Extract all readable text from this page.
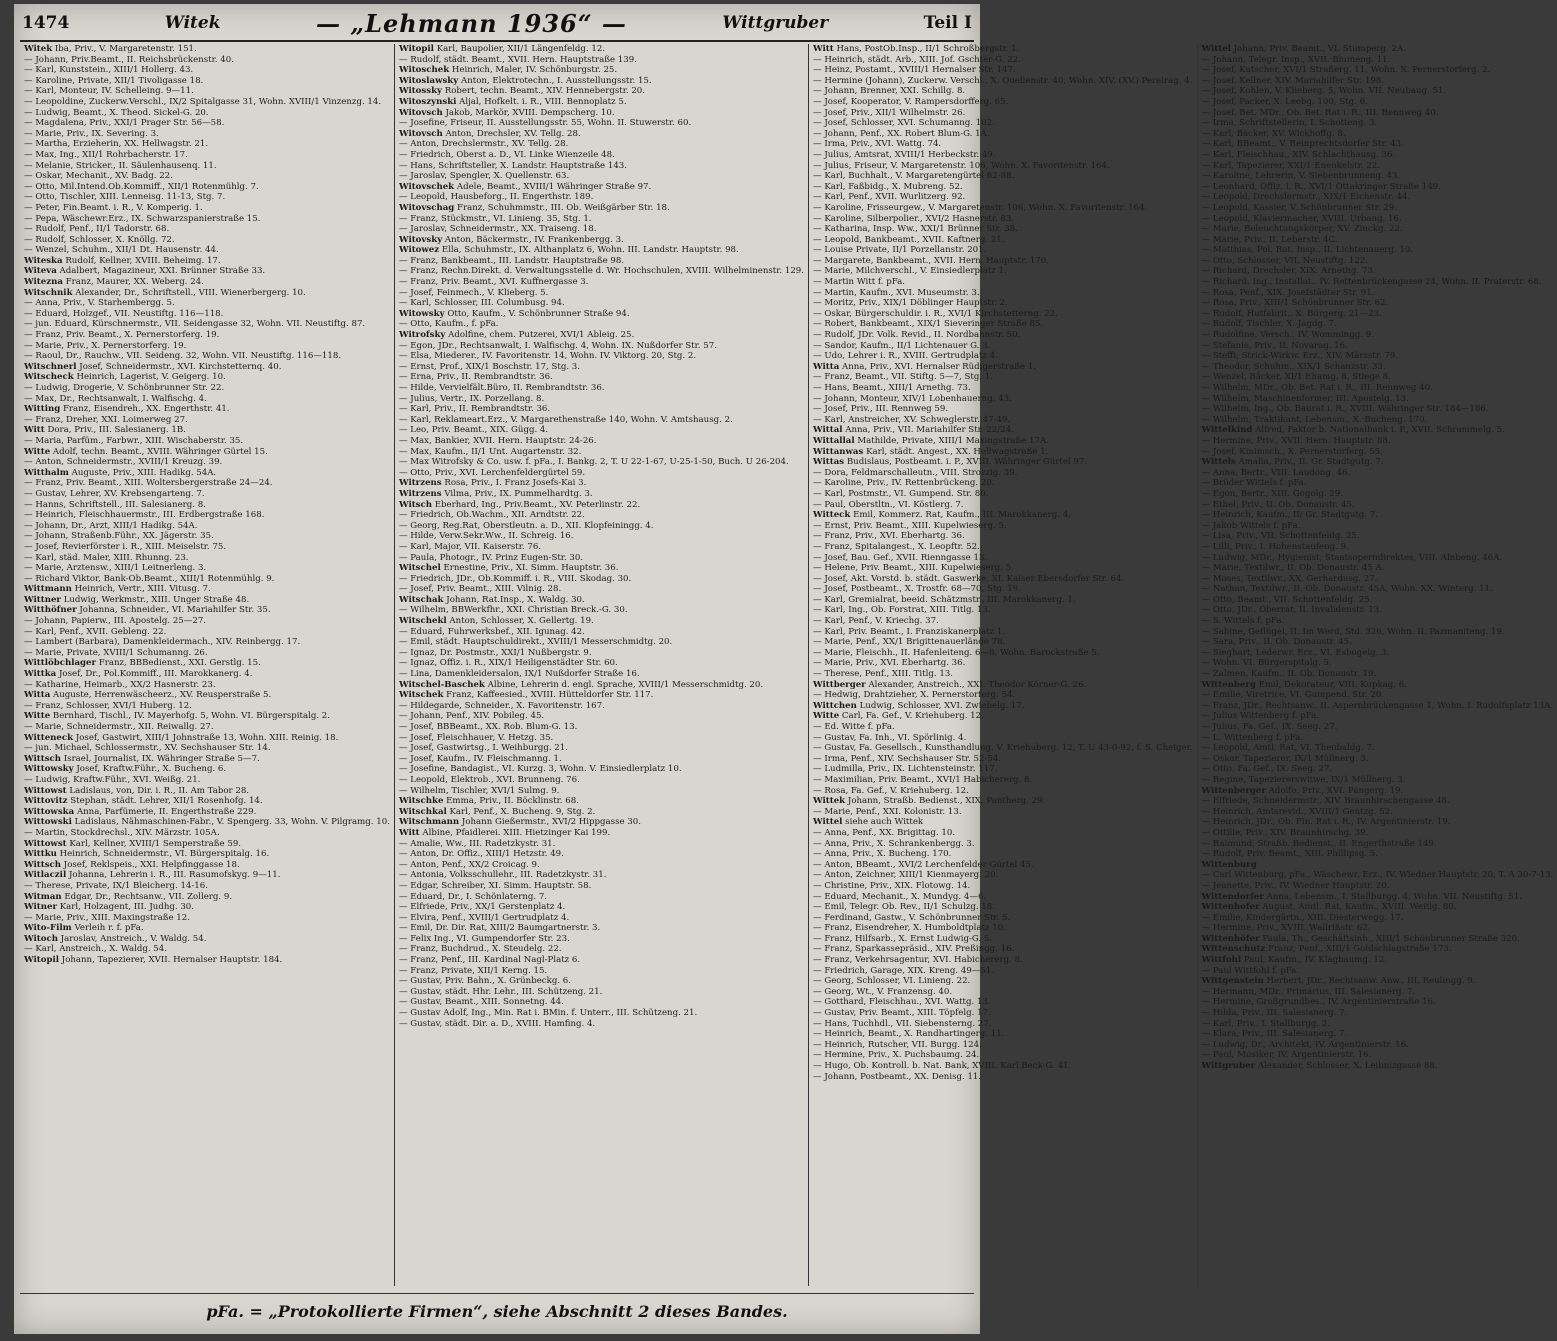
1474	Witek	— „Lehmann 1936“ —	Wittgruber	Teil I
Witek Iba, Priv., V. Margaretenstr. 151.
— Johann, Priv.Beamt., II. Reichsbrückenstr. 40.
— Karl, Kunststein., XIII/1 Hollerg. 43.
— Karoline, Private, XII/1 Tivoligasse 18.
— Karl, Monteur, IV. Schelleing. 9—11.
— Leopoldine, Zuckerw.Verschl., IX/2 Spitalgasse 31, Wohn. XVIII/1 Vinzenzg. 14.
— Ludwig, Beamt., X. Theod. Sickel-G. 20.
— Magdalena, Priv., XXI/1 Prager Str. 56—58.
— Marie, Priv., IX. Severing. 3.
— Martha, Erzieherin, XX. Hellwagstr. 21.
— Max, Ing., XII/1 Rohrbacherstr. 17.
— Melanie, Stricker., II. Säulenhausenq. 11.
— Oskar, Mechanit., XV. Badg. 22.
— Otto, Mil.Intend.Ob.Kommiff., XII/1 Rotenmühlg. 7.
— Otto, Tischler, XIII. Lenneisg. 11-13, Stg. 7.
— Peter, Fin.Beamt. i. R., V. Komperig. 1.
— Pepa, Wäschewr.Erz., IX. Schwarzspanierstraße 15.
— Rudolf, Penf., II/1 Tadorstr. 68.
— Rudolf, Schlosser, X. Knöllg. 72.
— Wenzel, Schuhm., XII/1 Dt. Hausenstr. 44.
Witeska Rudolf, Kellner, XVIII. Beheimg. 17.
Witeva Adalbert, Magazineur, XXI. Brünner Straße 33.
Witezna Franz, Maurer, XX. Weberg. 24.
Witschnik Alexander, Dr., Schriftstell., VIII. Wienerbergerg. 10.
— Anna, Priv., V. Starhembergg. 5.
— Eduard, Holzgef., VII. Neustiftg. 116—118.
— jun. Eduard, Kürschnermstr., VII. Seidengasse 32, Wohn. VII. Neustiftg. 87.
— Franz, Priv. Beamt., X. Pernerstorferg. 19.
— Marie, Priv., X. Pernerstorferg. 19.
— Raoul, Dr., Rauchw., VII. Seideng. 32, Wohn. VII. Neustiftg. 116—118.
Witschnerl Josef, Schneidermstr., XVI. Kirchstetternq. 40.
Witscheck Heinrich, Lagerist, V. Geigerg. 10.
— Ludwig, Drogerie, V. Schönbrunner Str. 22.
— Max, Dr., Rechtsanwalt, I. Walfischg. 4.
Witting Franz, Eisendreh., XX. Engerthstr. 41.
— Franz, Dreher, XXI. Loimerweg 27.
Witt Dora, Priv., III. Salesianerg. 1B.
— Maria, Parfüm., Farbwr., XIII. Wischaberstr. 35.
Witte Adolf, techn. Beamt., XVIII. Währinger Gürtel 15.
— Anton, Schneidermstr., XVIII/1 Kreuzg. 39.
Witthalm Auguste, Priv., XIII. Hadikg. 54A.
— Franz, Priv. Beamt., XIII. Woltersbergerstraße 24—24.
— Gustav, Lehrer, XV. Krebsengarteng. 7.
— Hanns, Schriftstell., III. Salesianerg. 8.
— Heinrich, Fleischhauermstr., III. Erdbergstraße 168.
— Johann, Dr., Arzt, XIII/1 Hadikg. 54A.
— Johann, Straßenb.Führ., XX. Jägerstr. 35.
— Josef, Revierförster i. R., XIII. Meiselstr. 75.
— Karl, städ. Maler, XIII. Rhunng. 23.
— Marie, Arztensw., XIII/1 Leitnerleng. 3.
— Richard Viktor, Bank-Ob.Beamt., XIII/1 Rotenmühlg. 9.
Wittmann Heinrich, Vertr., XIII. Vitusg. 7.
Wittner Ludwig, Werkmstr., XIII. Unger Straße 48.
Witthöfner Johanna, Schneider., VI. Mariahilfer Str. 35.
— Johann, Papierw., III. Apostelg. 25—27.
— Karl, Penf., XVII. Gebleng. 22.
— Lambert (Barbara), Damenkleidermach., XIV. Reinbergg. 17.
— Marie, Private, XVIII/1 Schumanng. 26.
Wittlöbchlager Franz, BBBedienst., XXI. Gerstlg. 15.
Wittka Josef, Dr., Pol.Kommiff., III. Marokkanerg. 4.
— Katharine, Heimarb., XX/2 Hasnerstr. 23.
Witta Auguste, Herrenwäscheerz., XV. Reusperstraße 5.
— Franz, Schlosser, XVI/1 Huberg. 12.
Witte Bernhard, Tischl., IV. Mayerhofg. 5, Wohn. VI. Bürgerspitalg. 2.
— Marie, Schneidermstr., XII. Reiwallg. 27.
Witteneck Josef, Gastwirt, XIII/1 Johnstraße 13, Wohn. XIII. Reinig. 18.
— jun. Michael, Schlossermstr., XV. Sechshauser Str. 14.
Wittsch Israel, Journalist, IX. Währinger Straße 5—7.
Wittowsky Josef, Kraftw.Führ., X. Bucheng. 6.
— Ludwig, Kraftw.Führ., XVI. Weißg. 21.
Wittowst Ladislaus, von, Dir. i. R., II. Am Tabor 28.
Wittovitz Stephan, städt. Lehrer, XII/1 Rosenhofg. 14.
Wittowska Anna, Parfümerie, II. Engerthstraße 229.
Wittowski Ladislaus, Nähmaschinen-Fabr., V. Spengerg. 33, Wohn. V. Pilgramg. 10.
— Martin, Stockdrechsl., XIV. Märzstr. 105A.
Wittowst Karl, Kellner, XVIII/1 Semperstraße 59.
Wittku Heinrich, Schneidermstr., VI. Bürgerspitalg. 16.
Wittsch Josef, Reklspeis., XXI. Helpfinggasse 18.
Witlaczil Johanna, Lehrerin i. R., III. Rasumofskyg. 9—11.
— Therese, Private, IX/1 Bleicherg. 14-16.
Witman Edgar, Dr., Rechtsanw., VII. Zollerg. 9.
Witner Karl, Holzagent, III. Judhg. 30.
— Marie, Priv., XIII. Maxingstraße 12.
Wito-Film Verleih r. f. pFa.
Witoch Jaroslav, Anstreich., V. Waldg. 54.
— Karl, Anstreich., X. Waldg. 54.
Witopil Johann, Tapezierer, XVII. Hernalser Hauptstr. 184.
Witopil Karl, Baupolier, XII/1 Längenfeldg. 12.
— Rudolf, städt. Beamt., XVII. Hern. Hauptstraße 139.
Witoschek Heinrich, Maler, IV. Schönburgstr. 25.
Witoslawsky Anton, Elektrotechn., I. Ausstellungsstr. 15.
Witossky Robert, techn. Beamt., XIV. Hennebergstr. 20.
Witoszynski Aljal, Hofkelt. i. R., VIII. Bennoplatz 5.
Witovsch Jakob, Markör, XVIII. Dempscherg. 10.
— Josefine, Friseur, II. Ausstellungsstr. 55, Wohn. II. Stuwerstr. 60.
Witovsch Anton, Drechsler, XV. Tellg. 28.
— Anton, Drechslermstr., XV. Tellg. 28.
— Friedrich, Oberst a. D., VI. Linke Wienzeile 48.
— Hans, Schriftsteller, X. Landstr. Hauptstraße 143.
— Jaroslav, Spengler, X. Quellenstr. 63.
Witovschek Adele, Beamt., XVIII/1 Währinger Straße 97.
— Leopold, Hausbeforg., II. Engerthstr. 189.
Witovschag Franz, Schuhmmstr., III. Ob. Weißgärber Str. 18.
— Franz, Stückmstr., VI. Linieng. 35, Stg. 1.
— Jaroslav, Schneidermstr., XX. Traiseng. 18.
Witovsky Anton, Bäckermstr., IV. Frankenbergg. 3.
Witowez Ella, Schuhmstr., IX. Althanplatz 6, Wohn. III. Landstr. Hauptstr. 98.
— Franz, Bankbeamt., III. Landstr. Hauptstraße 98.
— Franz, Rechn.Direkt. d. Verwaltungsstelle d. Wr. Hochschulen, XVIII. Wilhelminenstr. 129.
— Franz, Priv. Beamt., XVI. Kuffnergasse 3.
— Josef, Feinmech., V. Klieberg. 5.
— Karl, Schlosser, III. Columbusg. 94.
Witowsky Otto, Kaufm., V. Schönbrunner Straße 94.
— Otto, Kaufm., f. pFa.
Witrofsky Adolfine, chem. Putzerei, XVI/1 Ableig. 25.
— Egon, JDr., Rechtsanwalt, I. Walfischg. 4, Wohn. IX. Nußdorfer Str. 57.
— Elsa, Miederer., IV. Favoritenstr. 14, Wohn. IV. Viktorg. 20, Stg. 2.
— Ernst, Prof., XIX/1 Boschstr. 17, Stg. 3.
— Erna, Priv., II. Rembrandtstr. 36.
— Hilde, Vervielfält.Büro, II. Rembrandtstr. 36.
— Julius, Vertr., IX. Porzellang. 8.
— Karl, Priv., II. Rembrandtstr. 36.
— Karl, Reklameart.Erz., V. Margarethenstraße 140, Wohn. V. Amtshausg. 2.
— Leo, Priv. Beamt., XIX. Gügg. 4.
— Max, Bankier, XVII. Hern. Hauptstr. 24-26.
— Max, Kaufm., II/1 Unt. Augartenstr. 32.
— Max Witrofsky & Co. usw. f. pFa., I. Bankg. 2, T. U 22-1-67, U-25-1-50, Buch. U 26-204.
— Otto, Priv., XVI. Lerchenfeldergürtel 59.
Witrzens Rosa, Priv., I. Franz Josefs-Kai 3.
Witrzens Vilma, Priv., IX. Pummelhardtg. 3.
Witsch Eberhard, Ing., Priv.Beamt., XV. Peterlinstr. 22.
— Friedrich, Ob.Wachm., XII. Arndtstr. 22.
— Georg, Reg.Rat, Oberstleutn. a. D., XII. Klopfeiningg. 4.
— Hilde, Verw.Sekr.Ww., II. Schreig. 16.
— Karl, Major, VII. Kaiserstr. 76.
— Paula, Photogr., IV. Prinz Eugen-Str. 30.
Witschel Ernestine, Priv., XI. Simm. Hauptstr. 36.
— Friedrich, JDr., Ob.Kommiff. i. R., VIII. Skodag. 30.
— Josef, Priv. Beamt., XIII. Vilnig. 28.
Witschak Johann, Rat.Insp., X. Waldg. 30.
— Wilhelm, BBWerkfhr., XXI. Christian Breck.-G. 30.
Witschekl Anton, Schlosser, X. Gellertg. 19.
— Eduard, Fuhrwerksbef., XII. Igunag. 42.
— Emil, städt. Hauptschuldirekt., XVIII/1 Messerschmidtg. 20.
— Ignaz, Dr. Postmstr., XXI/1 Nußbergstr. 9.
— Ignaz, Offiz. i. R., XIX/1 Heiligenstädter Str. 60.
— Lina, Damenkleidersalon, IX/1 Nußdorfer Straße 16.
Witschel-Baschek Albine, Lehrerin d. engl. Sprache, XVIII/1 Messerschmidtg. 20.
Witschek Franz, Kaffeesied., XVIII. Hütteldorfer Str. 117.
— Hildegarde, Schneider., X. Favoritenstr. 167.
— Johann, Penf., XIV. Pobileg. 45.
— Josef, BBBeamt., XX. Rob. Blum-G. 13.
— Josef, Fleischhauer, V. Hetzg. 35.
— Josef, Gastwirtsg., I. Weihburgg. 21.
— Josef, Kaufm., IV. Fleischmanng. 1.
— Josefine, Bandagist., VI. Kurzg. 3, Wohn. V. Einsiedlerplatz 10.
— Leopold, Elektrob., XVI. Brunneng. 76.
— Wilhelm, Tischler, XVI/1 Sulmg. 9.
Witschke Emma, Priv., II. Böcklinstr. 68.
Witschkal Karl, Penf., X. Bucheng. 9, Stg. 2.
Witschmann Johann Gießermstr., XVI/2 Hippgasse 30.
Witt Albine, Pfaidlerei. XIII. Hietzinger Kai 199.
— Amalie, Ww., III. Radetzkystr. 31.
— Anton, Dr. Offiz., XIII/1 Hetzstr. 49.
— Anton, Penf., XX/2 Croicag. 9.
— Antonia, Volksschullehr., III. Radetzkystr. 31.
— Edgar, Schreiber, XI. Simm. Hauptstr. 58.
— Eduard, Dr., I. Schönlaterng. 7.
— Elfriede, Priv., XX/1 Gerstenplatz 4.
— Elvira, Penf., XVIII/1 Gertrudplatz 4.
— Emil, Dr. Dir. Rat, XIII/2 Baumgartnerstr. 3.
— Felix Ing., VI. Gumpendorfer Str. 23.
— Franz, Buchdrud., X. Steudelg. 22.
— Franz, Penf., III. Kardinal Nagl-Platz 6.
— Franz, Private, XII/1 Kerng. 15.
— Gustav, Priv. Bahn., X. Grünbeckg. 6.
— Gustav, städt. Hhr. Lehr., III. Schützeng. 21.
— Gustav, Beamt., XIII. Sonnetng. 44.
— Gustav Adolf, Ing., Min. Rat i. BMin. f. Unterr., III. Schützeng. 21.
— Gustav, städt. Dir. a. D., XVIII. Hamfing. 4.
Witt Hans, PostOb.Insp., II/1 Schroßbergstr. 1.
— Heinrich, städt. Arb., XIII. Jof. Gschter-G. 22.
— Heinz, Postamt., XVIII/1 Hernalser Str. 147.
— Hermine (Johann), Zuckerw. Verschl., X. Quellenstr. 40, Wohn. XIV. (XV.) Pereirag. 4.
— Johann, Brenner, XXI. Schillg. 8.
— Josef, Kooperator, V. Rampersdorfferg. 65.
— Josef, Priv., XII/1 Wilhelmstr. 26.
— Josef, Schlosser, XVI. Schumanng. 102.
— Johann, Penf., XX. Robert Blum-G. 1A.
— Irma, Priv., XVI. Wattg. 74.
— Julius, Amtsrat, XVIII/1 Herbeckstr. 49.
— Julius, Friseur, V. Margaretenstr. 106, Wohn. X. Favoritenstr. 164.
— Karl, Buchhalt., V. Margaretengürtel 82-88.
— Karl, Faßbidg., X. Mubreng. 52.
— Karl, Penf., XVII. Wurlitzerg. 92.
— Karoline, Frisseurgew., V. Margaretenstr. 106, Wohn. X. Favoritenstr. 164.
— Karoline, Silberpolier., XVI/2 Hasnerstr. 83.
— Katharina, Insp. Ww., XXI/1 Brünner Str. 38.
— Leopold, Bankbeamt., XVII. Kaftnerg. 21.
— Louise Private, II/1 Porzellanstr. 201.
— Margarete, Bankbeamt., XVII. Hern. Hauptstr. 170.
— Marie, Milchverschl., V. Einsiedlerplatz 1.
— Martin Witt f. pFa.
— Martin, Kaufm., XVI. Museumstr. 3.
— Moritz, Priv., XIX/1 Döblinger Hauptstr. 2.
— Oskar, Bürgerschuldir. i. R., XVI/1 Kirchstetterng. 22.
— Robert, Bankbeamt., XIX/1 Sieveringer Straße 85.
— Rudolf, JDr. Volk. Revid., II. Nordbahnstr. 50.
— Sandor, Kaufm., II/1 Lichtenauer G. 3.
— Udo, Lehrer i. R., XVIII. Gertrudplatz 4.
Witta Anna, Priv., XVI. Hernalser Rüdigerstraße 1.
— Franz, Beamt., VII. Stiftg. 5—7, Stg. 1.
— Hans, Beamt., XIII/1 Arnethg. 73.
— Johann, Monteur, XIV/1 Lobenhauerng. 43.
— Josef, Priv., III. Rennweg 59.
— Karl, Anstreicher, XV. Schweglerstr. 47-49.
Wittal Anna, Priv., VII. Mariahilfer Str. 22/24.
Wittallal Mathilde, Private, XIII/1 Maxingstraße 17A.
Wittanwas Karl, städt. Angest., XX. Hellwagstraße 1.
Wittas Budislaus, Postbeamt. i. P., XVIII. Währinger Gürtel 97.
— Dora, Feldmarschalleutn., VIII. Strozzig. 39.
— Karoline, Priv., IV. Rettenbrückeng. 20.
— Karl, Postmstr., VI. Gumpend. Str. 80.
— Paul, Oberstltn., VI. Köstlerg. 7.
Witteck Emil, Kommerz. Rat, Kaufm., III. Marokkanerg. 4.
— Ernst, Priv. Beamt., XIII. Kupelwieserg. 5.
— Franz, Priv., XVI. Eberhartg. 36.
— Franz, Spitalangest., X. Leopftr. 52.
— Josef, Bau. Gef., XVII. Rienngasse 13.
— Helene, Priv. Beamt., XIII. Kupelwieserg. 5.
— Josef, Akt. Vorstd. b. städt. Gaswerke, XI. Kaiser Ebersdorfer Str. 64.
— Josef, Postbeamt., X. Trostfr. 68—70, Stg. 19.
— Karl, Gremialrat, beeid. Schätzmstr., III. Marokkanerg. 1.
— Karl, Ing., Ob. Forstrat, XIII. Titlg. 13.
— Karl, Penf., V. Kriechg. 37.
— Karl, Priv. Beamt., I. Franziskanerplatz 1.
— Marie, Penf., XX/1 Brigittenauerlände 78.
— Marie, Fleischh., II. Hafenleiteng. 6—8, Wohn. Barockstraße 5.
— Marie, Priv., XVI. Eberhartg. 36.
— Therese, Penf., XIII. Titlg. 13.
Wittberger Alexander, Anstreich., XXI. Theodor Körner-G. 26.
— Hedwig, Drahtzieher, X. Pernerstorferg. 54.
Wittchen Ludwig, Schlosser, XVI. Zwiebelg. 17.
Witte Carl, Fa. Gef., V. Kriehuberg. 12.
— Ed. Witte f. pFa.
— Gustav, Fa. Inh., VI. Spörlinig. 4.
— Gustav, Fa. Gesellsch., Kunsthandlung, V. Kriehuberg. 12, T. U 43-0-92, f. S. Cheiger.
— Irma, Penf., XIV. Sechshauser Str. 52-54.
— Ludmilla, Priv., IX. Lichtensteinstr. 117.
— Maximilian, Priv. Beamt., XVI/1 Habichererg. 8.
— Rosa, Fa. Gef., V. Kriehuberg. 12.
Wittek Johann, Straßb. Bedienst., XIX. Pantherg. 29.
— Marie, Penf., XXI. Kolonistr. 13.
Wittel siehe auch Wittek
— Anna, Penf., XX. Brigittag. 10.
— Anna, Priv., X. Schrankenbergg. 3.
— Anna, Priv., X. Bucheng. 170.
— Anton, BBeamt., XVI/2 Lerchenfelder Gürtel 45.
— Anton, Zeichner, XIII/1 Kienmayerg. 20.
— Christine, Priv., XIX. Flotowg. 14.
— Eduard, Mechanit., X. Mundyg. 4—6.
— Emil, Telegr. Ob. Rev., II/1 Schulzg. 18.
— Ferdinand, Gastw., V. Schönbrunner Str. 5.
— Franz, Eisendreher, X. Humboldtplatz 10.
— Franz, Hilfsarb., X. Ernst Ludwig-G. 5.
— Franz, Sparkassepräsid., XIV. Preßingg. 16.
— Franz, Verkehrsagentur, XVI. Habichererg. 8.
— Friedrich, Garage, XIX. Kreng. 49—51.
— Georg, Schlosser, VI. Linieng. 22.
— Georg, Wt., V. Franzensg. 40.
— Gotthard, Fleischhau., XVI. Wattg. 13.
— Gustav, Priv. Beamt., XIII. Töpfelg. 17.
— Hans, Tuchhdl., VII. Siebensterng. 27.
— Heinrich, Beamt., X. Randhartingerg. 11.
— Heinrich, Rutscher, VII. Burgg. 124.
— Hermine, Priv., X. Puchsbaumg. 24.
— Hugo, Ob. Kontroll. b. Nat. Bank, XVIII. Karl Beck-G. 41.
— Johann, Postbeamt., XX. Denisg. 11.
Wittel Johann, Priv. Beamt., VI. Stumperg. 2A.
— Johann, Telegr. Insp., XVII. Blumeng. 11.
— Josef, Kutscher, XVI/1 Straßerg. 11, Wohn. X. Pernerstorferg. 2.
— Josef, Kellner, XIV. Mariahilfer Str. 198.
— Josef, Kohlen, V. Klieberg. 5, Wohn. VII. Neubaug. 51.
— Josef, Packer, X. Leebg. 100, Stg. 6.
— Josef, Bet. MDr., Ob. Bet. Rat i. R., III. Rennweg 40.
— Irma, Schriftstellerin, I. Schotteng. 3.
— Karl, Bäcker, XV. Wickhoffg. 8.
— Karl, BBeamt., V. Reinprechtsdorfer Str. 43.
— Karl, Fleischhau., XIV. Schlachthausg. 36.
— Karl, Tapezierer, XXI/1 Enenkelstr. 22.
— Karoline, Lehrerin, V. Siebenbrunneng. 43.
— Leonhard, Offiz. i. R., XVI/1 Ottakringer Straße 149.
— Leopold, Drechslermstr., XIX/1 Eichenstr. 44.
— Leopold, Kassier, V. Schönbrunner Str. 29.
— Leopold, Klaviermacher, XVIII. Urbang. 16.
— Marie, Beleuchtungskörper, XV. Zinckg. 22.
— Marie, Priv., II. Leberstr. 4C.
— Matthias, Pol. Rat. Insp., II. Lichtenauerg. 10.
— Otto, Schlosser, VII. Neustiftg. 122.
— Richard, Drechsler, XIX. Arnethg. 73.
— Richard, Ing., Installat., IV. Rettenbrückengasse 24, Wohn. II. Praterstr. 68.
— Rosa, Penf., XIX. Josefstädter Str. 91.
— Rosa, Priv., XIII/1 Schönbrunner Str. 62.
— Rudolf, Hutfabrit., X. Bürgerg. 21—23.
— Rudolf, Tischler, X. Jagdg. 7.
— Rudolfine, Versch., IV. Wommingg. 9.
— Stefanie, Priv., II. Novarag. 16.
— Steffi, Strick-Wirkw. Erz., XIV. Märzstr. 79.
— Theodor, Schuhm., XIX/1 Schanzstr. 33.
— Wenzel, Bäcker, XI/1 Ehamg. 8, Stiege 8.
— Wilhelm, MDr., Ob. Bet. Rat i. R., III. Rennweg 40.
— Wilhelm, Maschinenformer, III. Apostelg. 13.
— Wilhelm, Ing., Ob. Baurat i. R., XVIII. Währinger Str. 184—186.
— Wilhelm, Traktikant, Lebensm., X. Bucheng. 170.
Wittelkind Alfred, Faktor b. Nationalbank i. P., XVII. Schrammelg. 5.
— Hermine, Priv., XVII. Hern. Hauptstr. 88.
— Josef, Kinimsch., X. Pernerstorferg. 55.
Wittels Amalia, Priv., II. Gr. Stadtgutg. 7.
— Anna, Bertr., VIII. Laudong. 46.
— Brüder Wittels f. pFa.
— Egon, Bertr., XIII. Gogolg. 29.
— Ethel, Priv., II. Ob. Donaustr. 45.
— Heinrich, Kaufm., II/ Gr. Stadtgutg. 7.
— Jakob Wittels f. pFa.
— Lisa, Priv., VII. Schottenfeldg. 25.
— Lilli, Priv., I. Hohenstaufeng. 9.
— Ludwig, MDr., Hygienist, Staatsoperndirektes, VIII. Alnbeng. 46A.
— Marie, Textilwr., II. Ob. Donaustr. 45 A.
— Moses, Textilwr., XX. Gerhardusg. 27.
— Nathan, Textilwr., II. Ob. Donaustr. 45A, Wohn. XX. Winterg. 11.
— Otto, Beamt., VII. Schottenfeldg. 25.
— Otto, JDr., Oberrat, II. Invalidenstr. 13.
— S. Wittels f. pFa.
— Sabine, Geflügel, II. Im Werd, Std. 326, Wohn. II. Pazmaniteng. 19.
— Sara, Priv., II. Ob. Donaustr. 45.
— Sieghart, Lederwr. Erz., VI. Esbogelg. 3.
— Wohn. VI. Bürgerspitalg. 5.
— Zalmen, Kaufm., II. Ob. Donaustr. 19.
Wittenberg Emil, Dekorateur, VIII. Kupkag. 6.
— Emilie, Viretrice, VI. Gumpend. Str. 20.
— Franz, JDr., Rechtsanw., II. Aspernbrückengasse 1, Wohn. I. Rudolfsplatz 13A.
— Julius Wittenberg f. pFa.
— Julius, Fa. Gef., IX. Seeg. 27.
— L. Wittenberg f. pFa.
— Leopold, Amtl. Rat, VI. Theobaldg. 7.
— Oskar, Tapezierer, IX/1 Müllnerg. 3.
— Otto, Fa. Gef., IX. Seeg. 27.
— Regine, Tapeziererswitwe, IX/1 Müllnerg. 3.
Wittenberger Adolfo, Priv., XVI. Pangerg. 19.
— Elfriede, Schneidermstr., XIV. Braunhirschengasse 48.
— Heinrich, Amtsrevid., XVIII/1 Gentzg. 52.
— Heinrich, JDr., Ob. Fin. Rat i. R., IV. Argentinierstr. 19.
— Ottilie, Priv., XIV. Braunhirschg. 39.
— Raimund, Straßb. Bedienst., II. Engerthstraße 149.
— Rudolf, Priv. Beamt., XIII. Phillipsg. 5.
Wittenburg
— Carl Wittenburg, pFa., Wäschewr. Erz., IV. Wiedner Hauptstr. 20, T. A 30-7-13.
— Jeanette, Priv., IV. Wiedner Hauptstr. 20.
Wittendorfer Anna, Lebensm., I. Stallburgg. 4, Wohn. VII. Neustiftg. 51.
Wittenhofer August, Amtl. Rat, Kaufm., XVIII. Weitlg. 80.
— Emilie, Kindergärtn., XIII. Diesterwegg. 17.
— Hermine, Priv., XVIII. Wallrißstr. 62.
Wittenhöfer Paula, Th., Geschäftsinh., XIII/1 Schönbrunner Straße 320.
Wittenschutz Franz, Penf., XIII/1 Goldschlagstraße 173.
Wittfohl Paul, Kaufm., IV. Klagbaumg. 12.
— Paul Wittfohl f. pFa.
Wittgenstein Herbert, JDr., Rechtsanw. Anw., III. Reulingg. 9.
— Hermann, MDr., Primarius, III. Salesianerg. 7.
— Hermine, Großgrundbes., IV. Argentinierstraße 16.
— Hilda, Priv., III. Salesianerg. 7.
— Karl, Priv., I. Stallburgg. 2.
— Klara, Priv., III. Salesianerg. 7.
— Ludwig, Dr., Architekt, IV. Argentinierstr. 16.
— Paul, Musiker, IV. Argentinierstr. 16.
Wittgruber Alexander, Schlosser, X. Leibnizgasse 88.
pFa. = „Protokollierte Firmen“, siehe Abschnitt 2 dieses Bandes.
